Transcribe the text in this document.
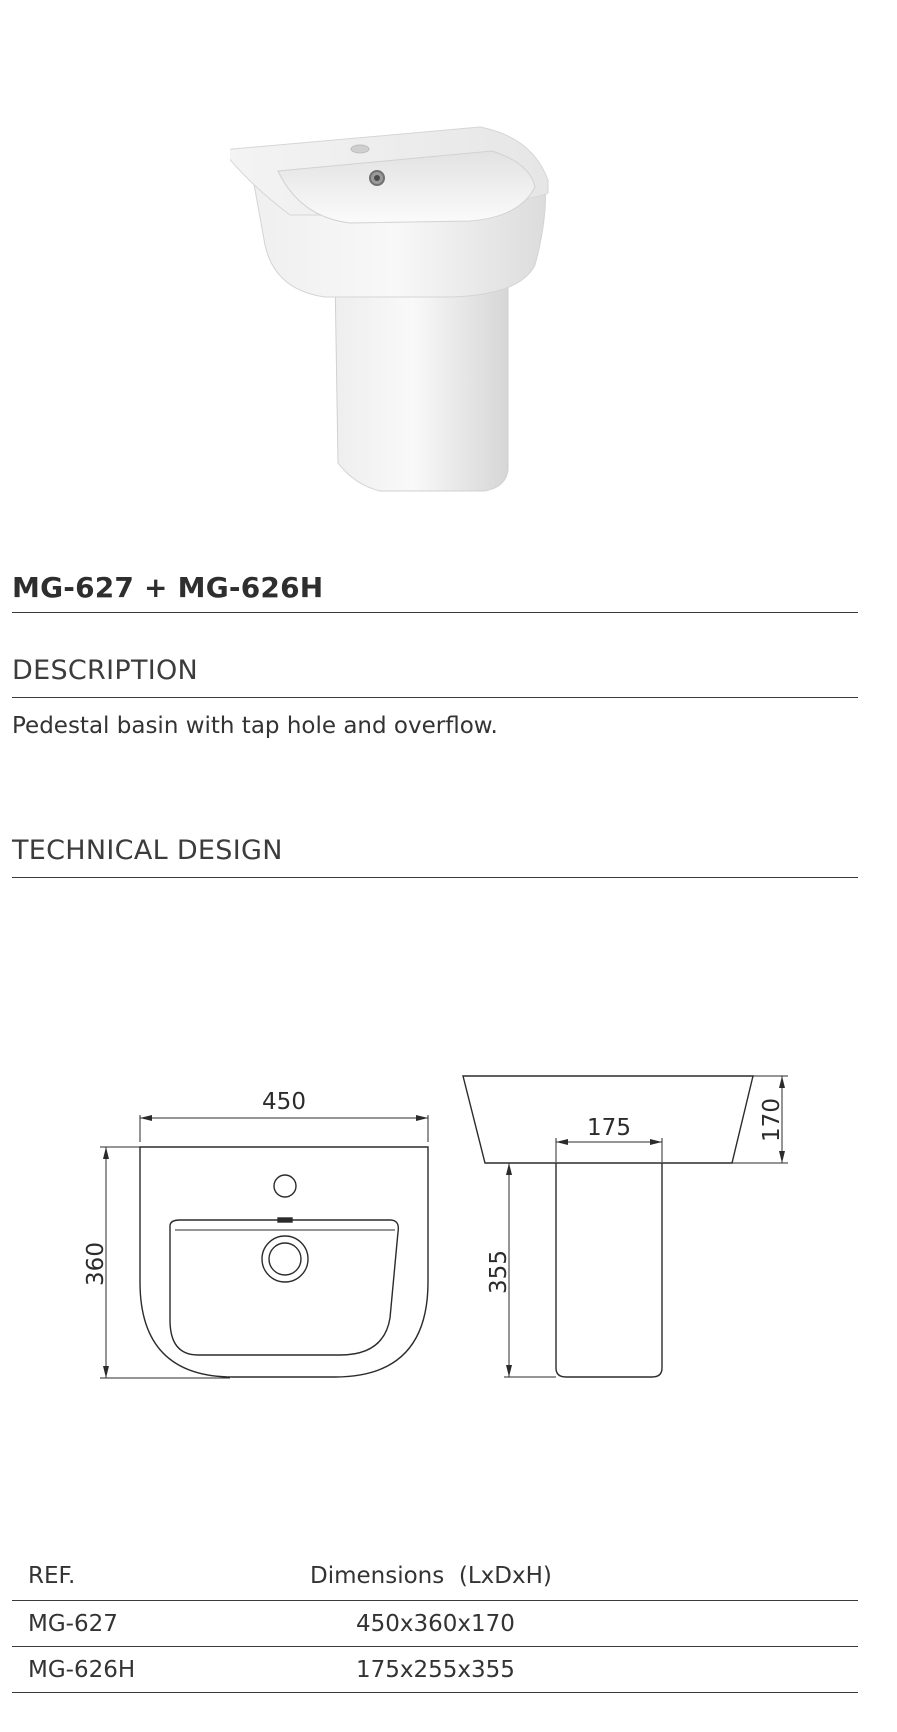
MG-627 + MG-626H
DESCRIPTION
Pedestal basin with tap hole and overflow.
TECHNICAL DESIGN
450
360
170
175
355
REF.	Dimensions  (LxDxH)
MG-627	450x360x170
MG-626H	175x255x355
